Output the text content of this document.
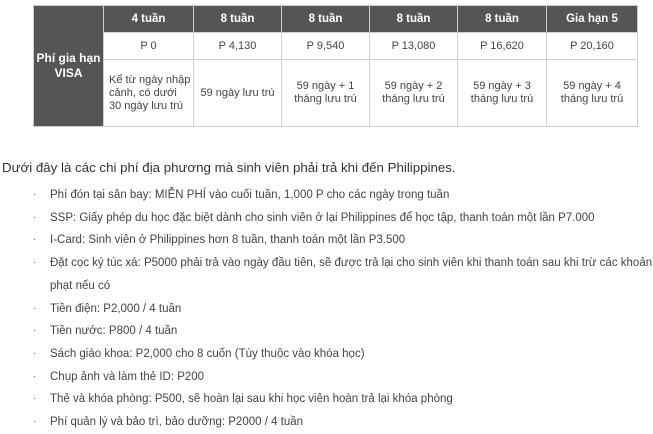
Phí gia hạn VISA	4 tuần	8 tuần	8 tuần	8 tuần	8 tuần	Gia hạn 5
	P 0	P 4,130	P 9,540	P 13,080	P 16,620	P 20,160
	Kể từ ngày nhập cảnh, có dưới 30 ngày lưu trú	59 ngày lưu trú	59 ngày + 1 tháng lưu trú	59 ngày + 2 tháng lưu trú	59 ngày + 3 tháng lưu trú	59 ngày + 4 tháng lưu trú
Dưới đây là các chi phí địa phương mà sinh viên phải trả khi đến Philippines.
· Phí đón tại sân bay: MIỄN PHÍ vào cuối tuần, 1,000 P cho các ngày trong tuần
· SSP: Giấy phép du học đặc biệt dành cho sinh viên ở lại Philippines để học tập, thanh toán một lần P7.000
· I-Card: Sinh viên ở Philippines hơn 8 tuần, thanh toán một lần P3.500
· Đặt cọc ký túc xá: P5000 phải trả vào ngày đầu tiên, sẽ được trả lại cho sinh viên khi thanh toán sau khi trừ các khoản phạt nếu có
· Tiền điện: P2,000 / 4 tuần
· Tiền nước: P800 / 4 tuần
· Sách giáo khoa: P2,000 cho 8 cuốn (Tùy thuộc vào khóa học)
· Chụp ảnh và làm thẻ ID: P200
· Thẻ và khóa phòng: P500, sẽ hoàn lại sau khi học viên hoàn trả lại khóa phòng
· Phí quản lý và bảo trì, bảo dưỡng: P2000 / 4 tuần
